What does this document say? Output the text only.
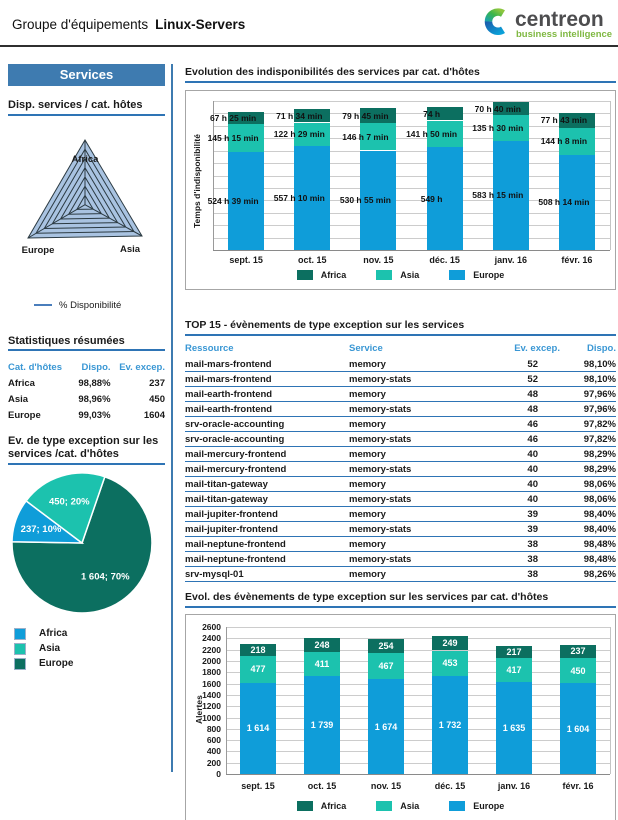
Groupe d'équipements Linux-Servers	centreon
business intelligence
Services
Disp. services / cat. hôtes
Africa
Europe	Asia
% Disponibilité
Statistiques résumées
Cat. d'hôtes	Dispo.	Ev. excep.
Africa	98,88%	237
Asia	98,96%	450
Europe	99,03%	1604
Ev. de type exception sur les services /cat. d'hôtes
1 604; 70%
237; 10%
450; 20%
Africa
Asia
Europe
Evolution des indisponibilités des services par cat. d'hôtes
Temps d'indisponibilité 524 h 39 min
145 h 15 min
67 h 25 min
sept. 15
557 h 10 min
122 h 29 min
71 h 34 min
oct. 15
530 h 55 min
146 h 7 min
79 h 45 min
nov. 15
549 h
141 h 50 min
74 h
déc. 15
583 h 15 min
135 h 30 min
70 h 40 min
janv. 16
508 h 14 min
144 h 8 min
77 h 43 min
févr. 16
Africa	Asia	Europe
TOP 15 - évènements de type exception sur les services
Ressource	Service	Ev. excep.	Dispo.
mail-mars-frontend	memory	52	98,10%
mail-mars-frontend	memory-stats	52	98,10%
mail-earth-frontend	memory	48	97,96%
mail-earth-frontend	memory-stats	48	97,96%
srv-oracle-accounting	memory	46	97,82%
srv-oracle-accounting	memory-stats	46	97,82%
mail-mercury-frontend	memory	40	98,29%
mail-mercury-frontend	memory-stats	40	98,29%
mail-titan-gateway	memory	40	98,06%
mail-titan-gateway	memory-stats	40	98,06%
mail-jupiter-frontend	memory	39	98,40%
mail-jupiter-frontend	memory-stats	39	98,40%
mail-neptune-frontend	memory	38	98,48%
mail-neptune-frontend	memory-stats	38	98,48%
srv-mysql-01	memory	38	98,26%
Evol. des évènements de type exception sur les services par cat. d'hôtes
Alertes
0
200
400
600
800
1000
1200
1400
1600
1800
2000
2200
2400
2600
1 614
477
218
sept. 15
1 739
411
248
oct. 15
1 674
467
254
nov. 15
1 732
453
249
déc. 15
1 635
417
217
janv. 16
1 604
450
237
févr. 16
Africa	Asia	Europe
